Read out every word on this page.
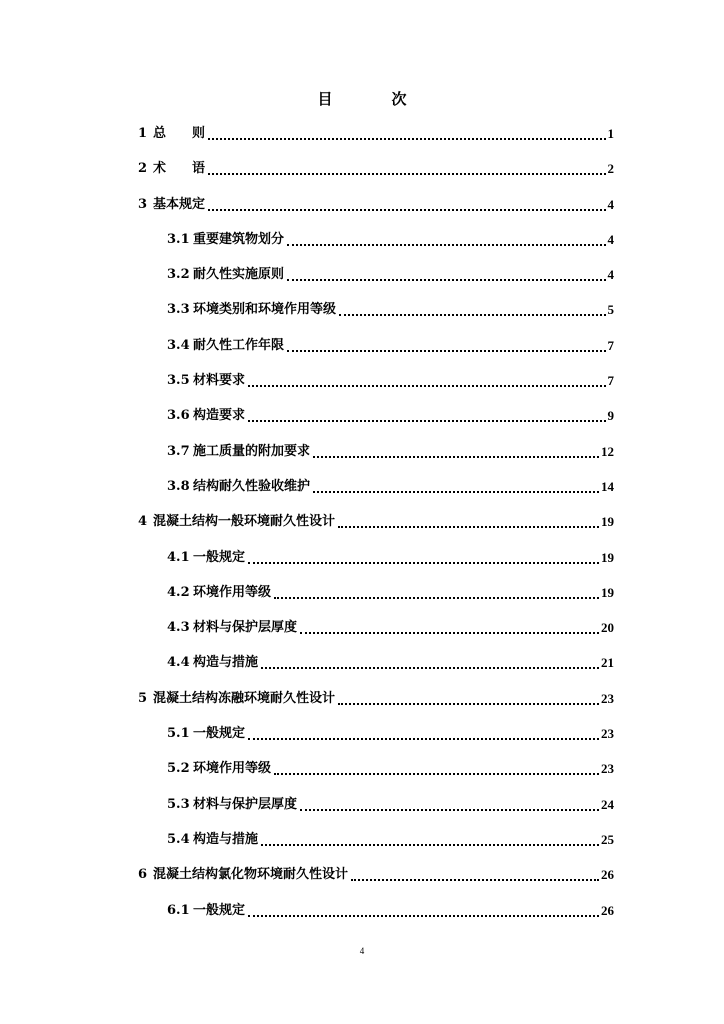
目　次
1 总　　则	1
2 术　　语	2
3 基本规定	4
3.1 重要建筑物划分	4
3.2 耐久性实施原则	4
3.3 环境类别和环境作用等级	5
3.4 耐久性工作年限	7
3.5 材料要求	7
3.6 构造要求	9
3.7 施工质量的附加要求	12
3.8 结构耐久性验收维护	14
4 混凝土结构一般环境耐久性设计	19
4.1 一般规定	19
4.2 环境作用等级	19
4.3 材料与保护层厚度	20
4.4 构造与措施	21
5 混凝土结构冻融环境耐久性设计	23
5.1 一般规定	23
5.2 环境作用等级	23
5.3 材料与保护层厚度	24
5.4 构造与措施	25
6 混凝土结构氯化物环境耐久性设计	26
6.1 一般规定	26
4
